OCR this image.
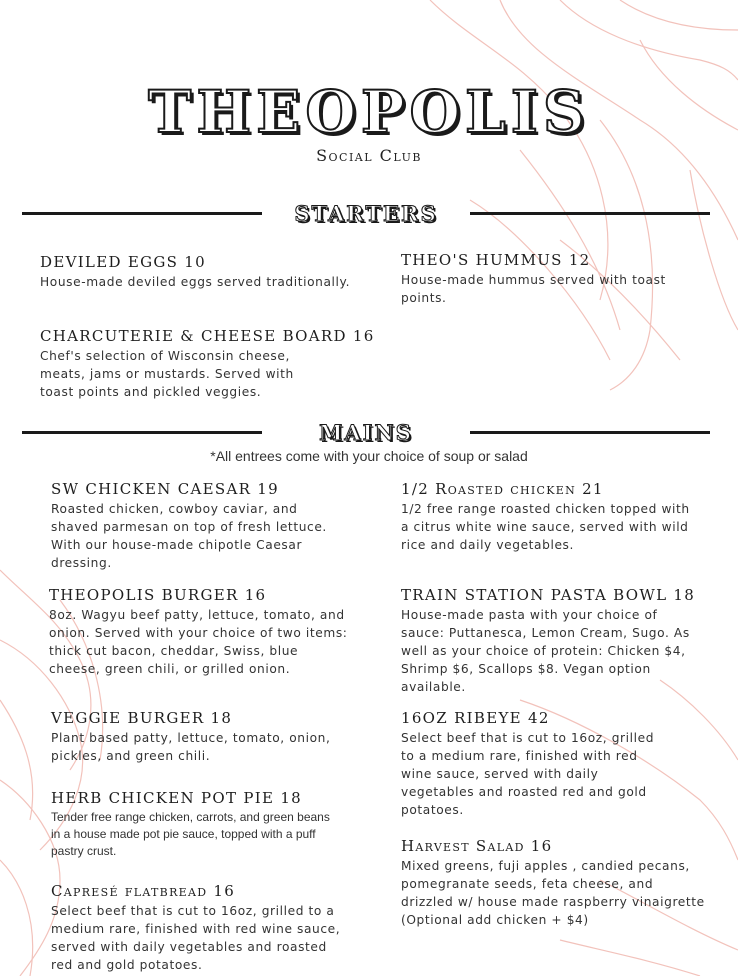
THEOPOLIS
Social Club
STARTERS
DEVILED EGGS 10
House-made deviled eggs served traditionally.
THEO'S HUMMUS 12
House-made hummus served with toast points.
CHARCUTERIE & CHEESE BOARD 16
Chef's selection of Wisconsin cheese, meats, jams or mustards. Served with toast points and pickled veggies.
MAINS
*All entrees come with your choice of soup or salad
SW CHICKEN CAESAR 19
Roasted chicken, cowboy caviar, and shaved parmesan on top of fresh lettuce. With our house-made chipotle Caesar dressing.
THEOPOLIS BURGER 16
8oz. Wagyu beef patty, lettuce, tomato, and onion. Served with your choice of two items: thick cut bacon, cheddar, Swiss, blue cheese, green chili, or grilled onion.
VEGGIE BURGER 18
Plant based patty, lettuce, tomato, onion, pickles, and green chili.
HERB CHICKEN POT PIE 18
Tender free range chicken, carrots, and green beans in a house made pot pie sauce, topped with a puff pastry crust.
Capresé flatbread 16
Select beef that is cut to 16oz, grilled to a medium rare, finished with red wine sauce, served with daily vegetables and roasted red and gold potatoes.
1/2 Roasted chicken 21
1/2 free range roasted chicken topped with a citrus white wine sauce, served with wild rice and daily vegetables.
TRAIN STATION PASTA BOWL 18
House-made pasta with your choice of sauce: Puttanesca, Lemon Cream, Sugo. As well as your choice of protein: Chicken $4, Shrimp $6, Scallops $8. Vegan option available.
16OZ RIBEYE 42
Select beef that is cut to 16oz, grilled to a medium rare, finished with red wine sauce, served with daily vegetables and roasted red and gold potatoes.
Harvest Salad 16
Mixed greens, fuji apples , candied pecans, pomegranate seeds, feta cheese, and drizzled w/ house made raspberry vinaigrette (Optional add chicken + $4)
